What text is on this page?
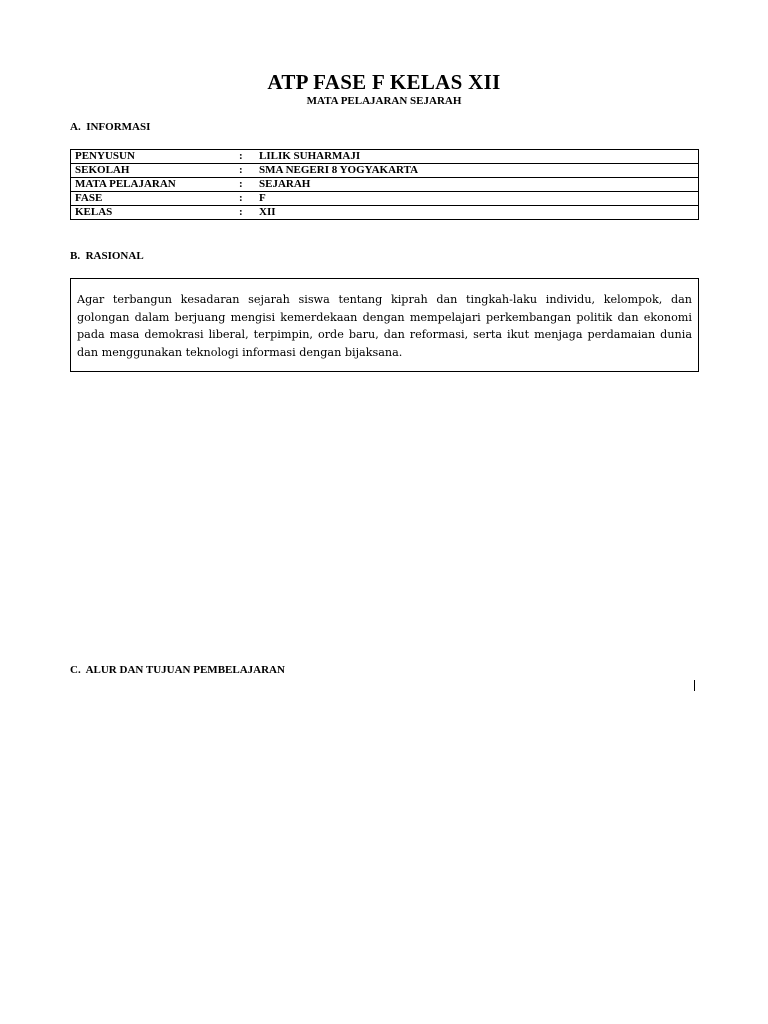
ATP FASE F KELAS XII
MATA PELAJARAN SEJARAH
A.  INFORMASI
PENYUSUN	:	LILIK SUHARMAJI
SEKOLAH	:	SMA NEGERI 8 YOGYAKARTA
MATA PELAJARAN	:	SEJARAH
FASE	:	F
KELAS	:	XII
B.  RASIONAL
Agar terbangun kesadaran sejarah siswa tentang kiprah dan tingkah-laku individu, kelompok, dan golongan dalam berjuang mengisi kemerdekaan dengan mempelajari perkembangan politik dan ekonomi pada masa demokrasi liberal, terpimpin, orde baru, dan reformasi, serta ikut menjaga perdamaian dunia dan menggunakan teknologi informasi dengan bijaksana.
C.  ALUR DAN TUJUAN PEMBELAJARAN
